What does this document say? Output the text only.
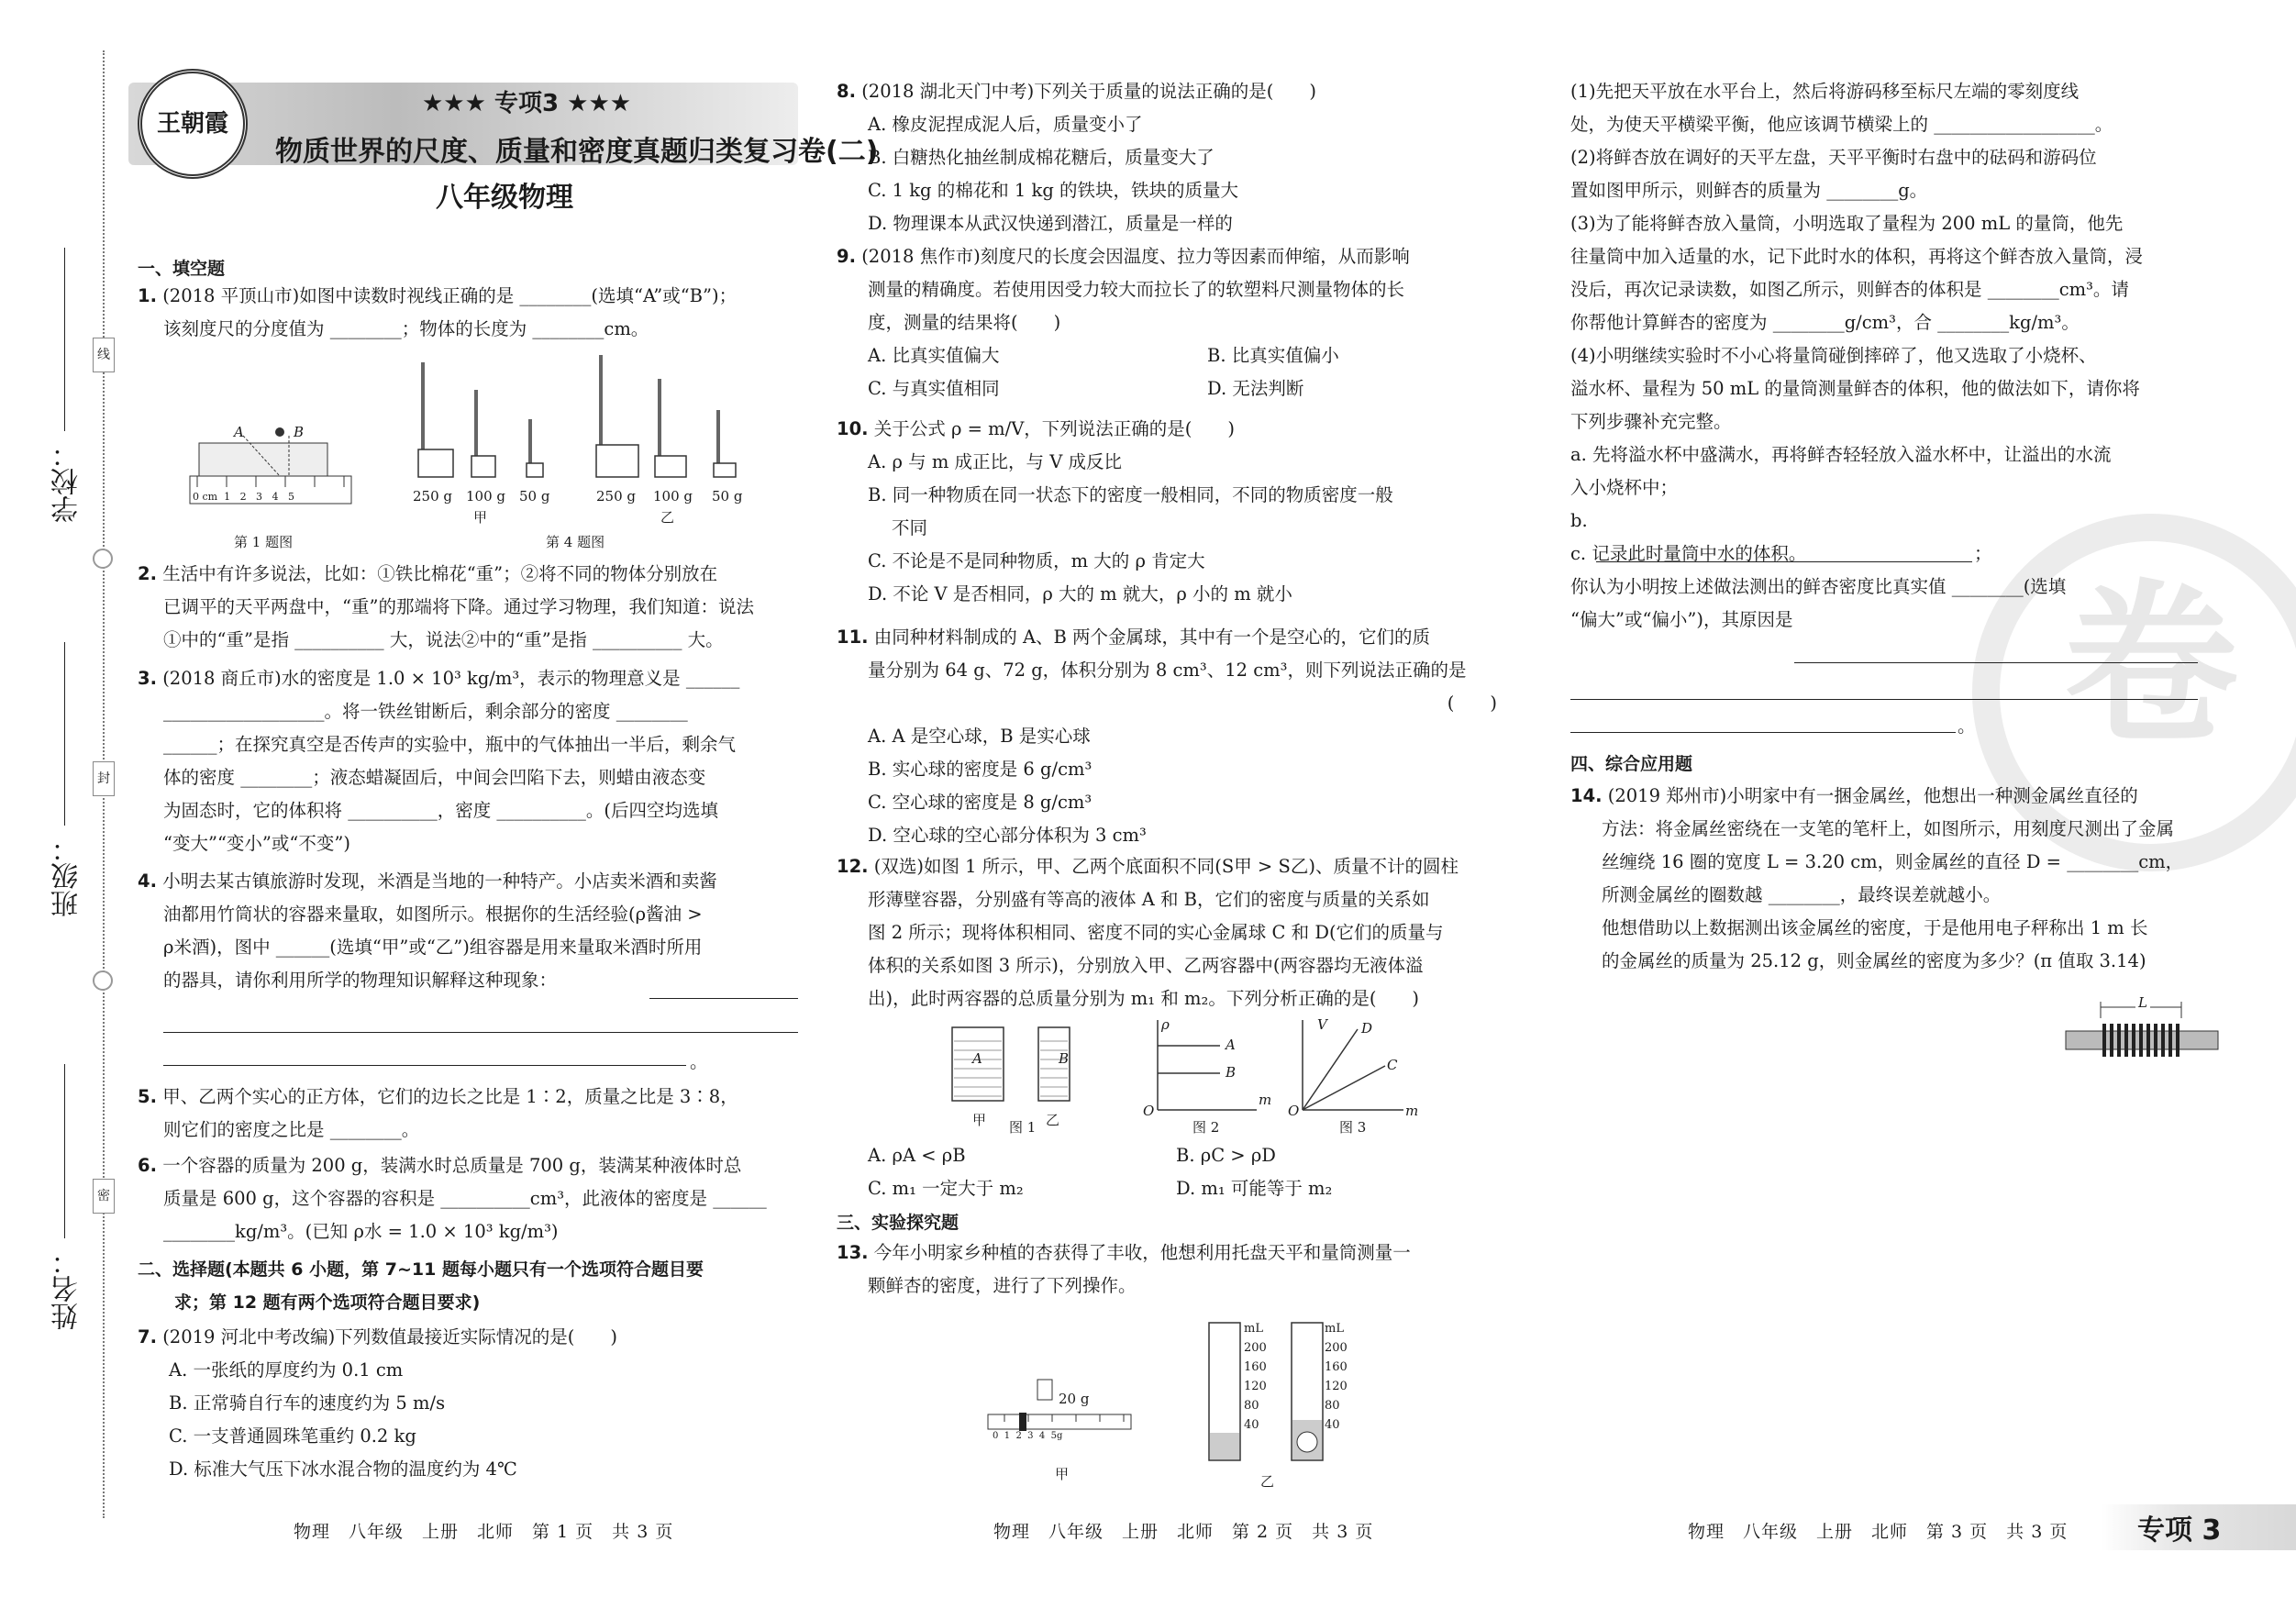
学校：
班级：
姓名：
线
封
密
王朝霞
★★★ 专项3 ★★★
物质世界的尺度、质量和密度真题归类复习卷(二)
八年级物理
一、填空题
1. (2018 平顶山市)如图中读数时视线正确的是 ________(选填“A”或“B”)；
该刻度尺的分度值为 ________；物体的长度为 ________cm。
A	B
0 cm  1   2   3   4   5
第 1 题图
250 g 100 g 50 g	250 g 100 g 50 g
甲	乙
第 4 题图
2. 生活中有许多说法，比如：①铁比棉花“重”；②将不同的物体分别放在
已调平的天平两盘中，“重”的那端将下降。通过学习物理，我们知道：说法
①中的“重”是指 __________ 大，说法②中的“重”是指 __________ 大。
3. (2018 商丘市)水的密度是 1.0 × 10³ kg/m³，表示的物理意义是 ______
__________________。将一铁丝钳断后，剩余部分的密度 ________
______；在探究真空是否传声的实验中，瓶中的气体抽出一半后，剩余气
体的密度 ________；液态蜡凝固后，中间会凹陷下去，则蜡由液态变
为固态时，它的体积将 __________，密度 __________。(后四空均选填
“变大”“变小”或“不变”)
4. 小明去某古镇旅游时发现，米酒是当地的一种特产。小店卖米酒和卖酱
油都用竹筒状的容器来量取，如图所示。根据你的生活经验(ρ酱油 >
ρ米酒)，图中 ______(选填“甲”或“乙”)组容器是用来量取米酒时所用
的器具，请你利用所学的物理知识解释这种现象：
。
5. 甲、乙两个实心的正方体，它们的边长之比是 1∶2，质量之比是 3∶8，
则它们的密度之比是 ________。
6. 一个容器的质量为 200 g，装满水时总质量是 700 g，装满某种液体时总
质量是 600 g，这个容器的容积是 __________cm³，此液体的密度是 ______
________kg/m³。(已知 ρ水 = 1.0 × 10³ kg/m³)
二、选择题(本题共 6 小题，第 7~11 题每小题只有一个选项符合题目要
求；第 12 题有两个选项符合题目要求)
7. (2019 河北中考改编)下列数值最接近实际情况的是(　　)
A. 一张纸的厚度约为 0.1 cm
B. 正常骑自行车的速度约为 5 m/s
C. 一支普通圆珠笔重约 0.2 kg
D. 标准大气压下冰水混合物的温度约为 4℃
物理　八年级　上册　北师　第 1 页　共 3 页
8. (2018 湖北天门中考)下列关于质量的说法正确的是(　　)
A. 橡皮泥捏成泥人后，质量变小了
B. 白糖热化抽丝制成棉花糖后，质量变大了
C. 1 kg 的棉花和 1 kg 的铁块，铁块的质量大
D. 物理课本从武汉快递到潜江，质量是一样的
9. (2018 焦作市)刻度尺的长度会因温度、拉力等因素而伸缩，从而影响
测量的精确度。若使用因受力较大而拉长了的软塑料尺测量物体的长
度，测量的结果将(　　)
A. 比真实值偏大	B. 比真实值偏小
C. 与真实值相同	D. 无法判断
10. 关于公式 ρ = m/V，下列说法正确的是(　　)
A. ρ 与 m 成正比，与 V 成反比
B. 同一种物质在同一状态下的密度一般相同，不同的物质密度一般
不同
C. 不论是不是同种物质，m 大的 ρ 肯定大
D. 不论 V 是否相同，ρ 大的 m 就大，ρ 小的 m 就小
11. 由同种材料制成的 A、B 两个金属球，其中有一个是空心的，它们的质
量分别为 64 g、72 g，体积分别为 8 cm³、12 cm³，则下列说法正确的是
(　　)
A. A 是空心球，B 是实心球
B. 实心球的密度是 6 g/cm³
C. 空心球的密度是 8 g/cm³
D. 空心球的空心部分体积为 3 cm³
12. (双选)如图 1 所示，甲、乙两个底面积不同(S甲 > S乙)、质量不计的圆柱
形薄壁容器，分别盛有等高的液体 A 和 B，它们的密度与质量的关系如
图 2 所示；现将体积相同、密度不同的实心金属球 C 和 D(它们的质量与
体积的关系如图 3 所示)，分别放入甲、乙两容器中(两容器均无液体溢
出)，此时两容器的总质量分别为 m₁ 和 m₂。下列分析正确的是(　　)
A	B
ρ
A
B
m
O
V D
C
m
O
甲	乙
图 1	图 2	图 3
A. ρA < ρB	B. ρC > ρD
C. m₁ 一定大于 m₂	D. m₁ 可能等于 m₂
三、实验探究题
13. 今年小明家乡种植的杏获得了丰收，他想利用托盘天平和量筒测量一
颗鲜杏的密度，进行了下列操作。
20 g
0  1  2  3  4  5g
甲
mL
200
160
120
80
40
mL
200
160
120
80
40
乙
物理　八年级　上册　北师　第 2 页　共 3 页
卷
(1)先把天平放在水平台上，然后将游码移至标尺左端的零刻度线
处，为使天平横梁平衡，他应该调节横梁上的 __________________。
(2)将鲜杏放在调好的天平左盘，天平平衡时右盘中的砝码和游码位
置如图甲所示，则鲜杏的质量为 ________g。
(3)为了能将鲜杏放入量筒，小明选取了量程为 200 mL 的量筒，他先
往量筒中加入适量的水，记下此时水的体积，再将这个鲜杏放入量筒，浸
没后，再次记录读数，如图乙所示，则鲜杏的体积是 ________cm³。请
你帮他计算鲜杏的密度为 ________g/cm³，合 ________kg/m³。
(4)小明继续实验时不小心将量筒碰倒摔碎了，他又选取了小烧杯、
溢水杯、量程为 50 mL 的量筒测量鲜杏的体积，他的做法如下，请你将
下列步骤补充完整。
a. 先将溢水杯中盛满水，再将鲜杏轻轻放入溢水杯中，让溢出的水流
入小烧杯中；
b.
c. 记录此时量筒中水的体积。
你认为小明按上述做法测出的鲜杏密度比真实值 ________(选填
“偏大”或“偏小”)，其原因是
；
。
四、综合应用题
14. (2019 郑州市)小明家中有一捆金属丝，他想出一种测金属丝直径的
方法：将金属丝密绕在一支笔的笔杆上，如图所示，用刻度尺测出了金属
丝缠绕 16 圈的宽度 L = 3.20 cm，则金属丝的直径 D = ________cm，
所测金属丝的圈数越 ________，最终误差就越小。
他想借助以上数据测出该金属丝的密度，于是他用电子秤称出 1 m 长
的金属丝的质量为 25.12 g，则金属丝的密度为多少？(π 值取 3.14)
L
物理　八年级　上册　北师　第 3 页　共 3 页	专项 3
